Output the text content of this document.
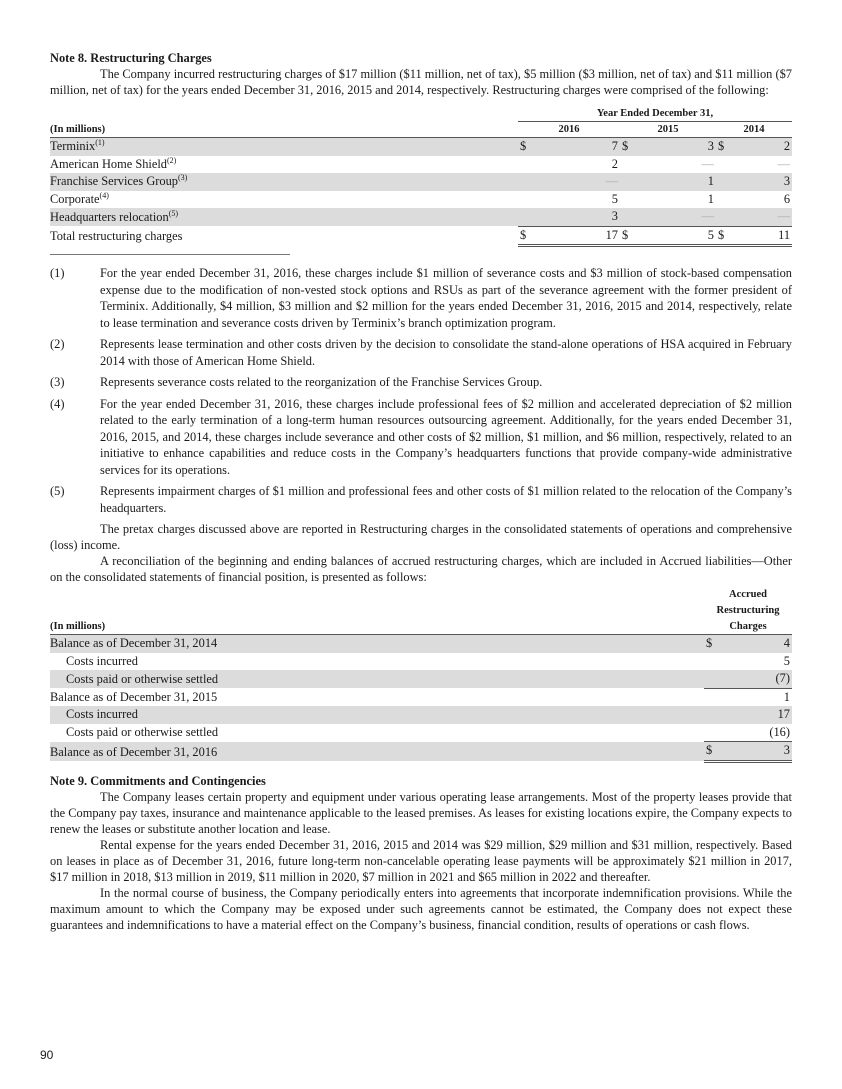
Note 8. Restructuring Charges

The Company incurred restructuring charges of $17 million ($11 million, net of tax), $5 million ($3 million, net of tax) and $11 million ($7 million, net of tax) for the years ended December 31, 2016, 2015 and 2014, respectively. Restructuring charges were comprised of the following:

	Year Ended December 31,					
(In millions)	2016		2015		2014	
Terminix$^{(1)}$	$	7	$	3	$	2
American Home Shield$^{(2)}$		2		—		—
Franchise Services Group$^{(3)}$		—		1		3
Corporate$^{(4)}$		5		1		6
Headquarters relocation$^{(5)}$		3		—		—
Total restructuring charges	$	17	$	5	$	11
(1)	For the year ended December 31, 2016, these charges include $1 million of severance costs and $3 million of stock-based compensation expense due to the modification of non-vested stock options and RSUs as part of the severance agreement with the former president of Terminix. Additionally, $4 million, $3 million and $2 million for the years ended December 31, 2016, 2015 and 2014, respectively, relate to lease termination and severance costs driven by Terminix’s branch optimization program.
(2)	Represents lease termination and other costs driven by the decision to consolidate the stand-alone operations of HSA acquired in February 2014 with those of American Home Shield.
(3)	Represents severance costs related to the reorganization of the Franchise Services Group.
(4)	For the year ended December 31, 2016, these charges include professional fees of $2 million and accelerated depreciation of $2 million related to the early termination of a long-term human resources outsourcing agreement. Additionally, for the years ended December 31, 2016, 2015, and 2014, these charges include severance and other costs of $2 million, $1 million, and $6 million, respectively, related to an initiative to enhance capabilities and reduce costs in the Company’s headquarters functions that provide company-wide administrative services for its operations.
(5)	Represents impairment charges of $1 million and professional fees and other costs of $1 million related to the relocation of the Company’s headquarters.

The pretax charges discussed above are reported in Restructuring charges in the consolidated statements of operations and comprehensive (loss) income.

A reconciliation of the beginning and ending balances of accrued restructuring charges, which are included in Accrued liabilities—Other on the consolidated statements of financial position, is presented as follows:

	Accrued	
	Restructuring	
(In millions)	Charges	
Balance as of December 31, 2014	$	4
Costs incurred		5
Costs paid or otherwise settled		(7)
Balance as of December 31, 2015		1
Costs incurred		17
Costs paid or otherwise settled		(16)
Balance as of December 31, 2016	$	3

Note 9. Commitments and Contingencies

The Company leases certain property and equipment under various operating lease arrangements. Most of the property leases provide that the Company pay taxes, insurance and maintenance applicable to the leased premises. As leases for existing locations expire, the Company expects to renew the leases or substitute another location and lease.

Rental expense for the years ended December 31, 2016, 2015 and 2014 was $29 million, $29 million and $31 million, respectively. Based on leases in place as of December 31, 2016, future long-term non-cancelable operating lease payments will be approximately $21 million in 2017, $17 million in 2018, $13 million in 2019, $11 million in 2020, $7 million in 2021 and $65 million in 2022 and thereafter.

In the normal course of business, the Company periodically enters into agreements that incorporate indemnification provisions. While the maximum amount to which the Company may be exposed under such agreements cannot be estimated, the Company does not expect these guarantees and indemnifications to have a material effect on the Company’s business, financial condition, results of operations or cash flows.

90
